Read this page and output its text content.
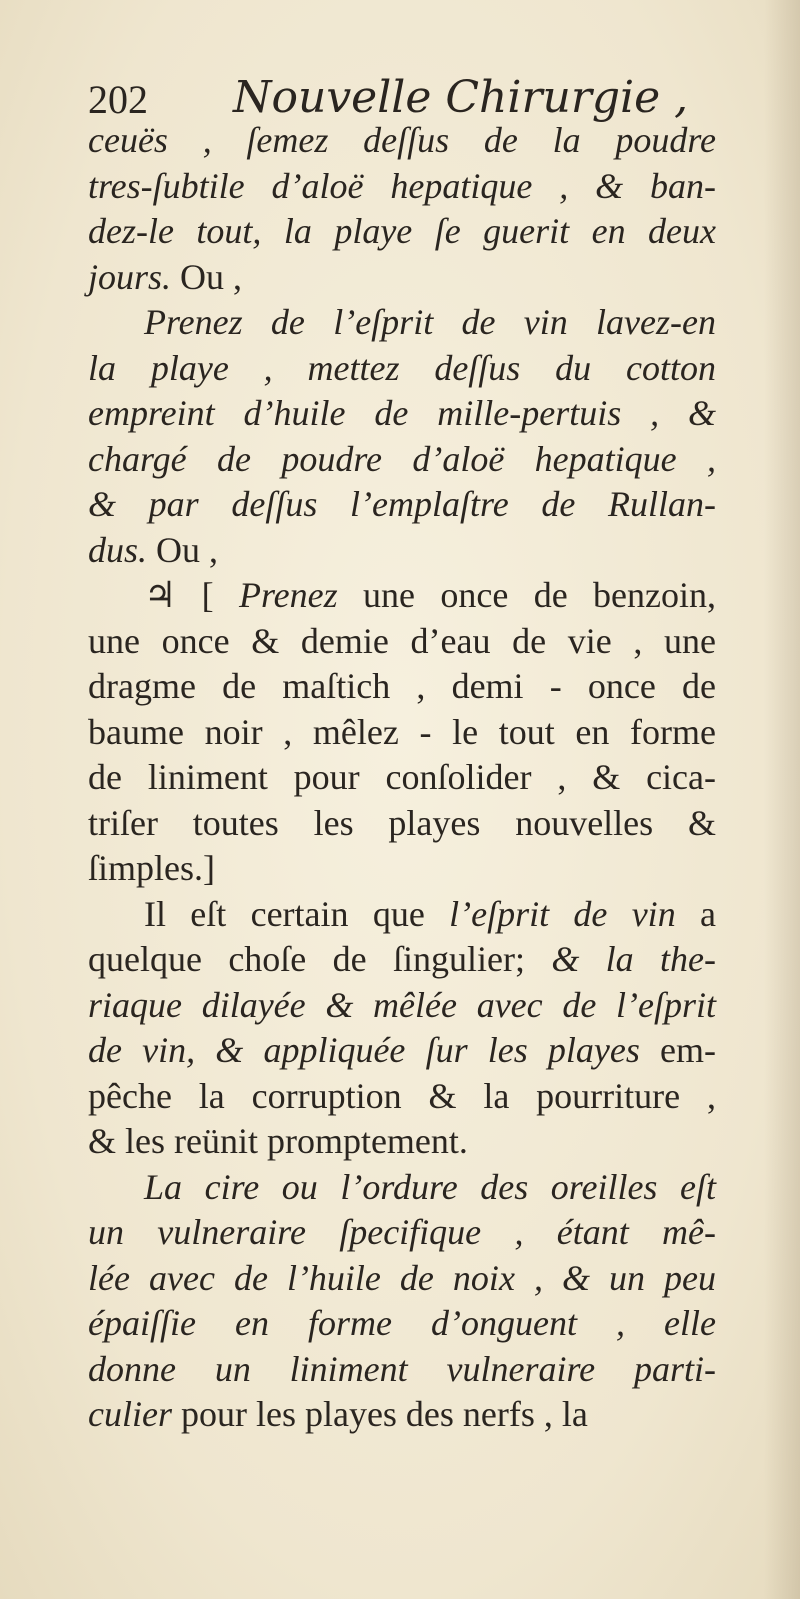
202 Nouvelle Chirurgie ,
ceuës , ſemez deſſus de la poudre
tres-ſubtile d’aloë hepatique , & ban-
dez-le tout, la playe ſe guerit en deux
jours. Ou ,
Prenez de l’eſprit de vin lavez-en
la playe , mettez deſſus du cotton
empreint d’huile de mille-pertuis , &
chargé de poudre d’aloë hepatique ,
& par deſſus l’emplaſtre de Rullan-
dus. Ou ,
♃ [ Prenez une once de benzoin,
une once & demie d’eau de vie , une
dragme de maſtich , demi - once de
baume noir , mêlez - le tout en forme
de liniment pour conſolider , & cica-
triſer toutes les playes nouvelles &
ſimples.]
Il eſt certain que l’eſprit de vin a
quelque choſe de ſingulier; & la the-
riaque dilayée & mêlée avec de l’eſprit
de vin, & appliquée ſur les playes em-
pêche la corruption & la pourriture ,
& les reünit promptement.
La cire ou l’ordure des oreilles eſt
un vulneraire ſpecifique , étant mê-
lée avec de l’huile de noix , & un peu
épaiſſie en forme d’onguent , elle
donne un liniment vulneraire parti-
culier pour les playes des nerfs , la
